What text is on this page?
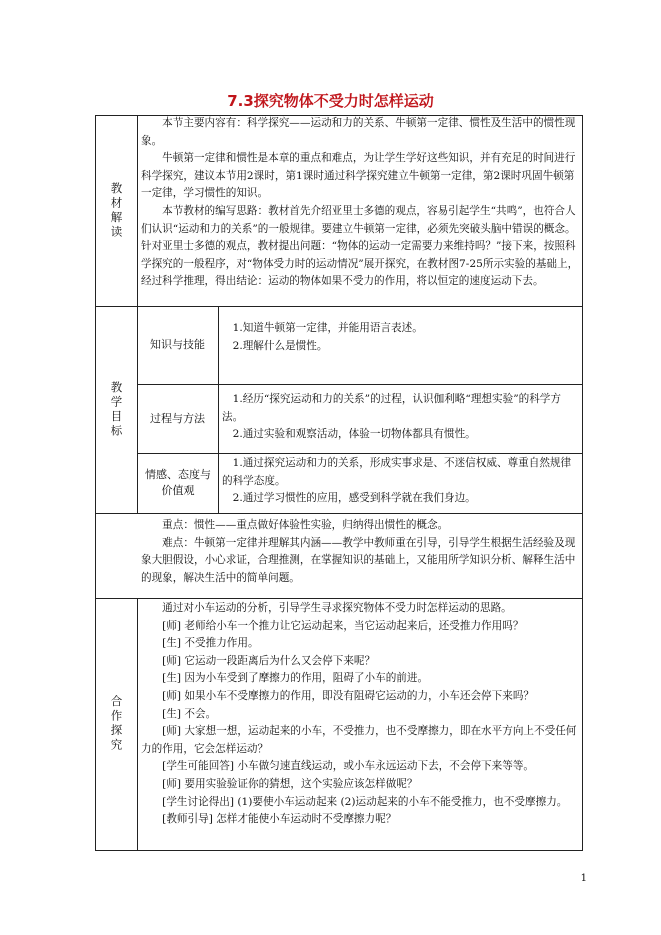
7.3探究物体不受力时怎样运动
教材解读

　　本节主要内容有：科学探究——运动和力的关系、牛顿第一定律、惯性及生活中的惯性现象。

　　牛顿第一定律和惯性是本章的重点和难点，为让学生学好这些知识，并有充足的时间进行科学探究，建议本节用2课时，第1课时通过科学探究建立牛顿第一定律，第2课时巩固牛顿第一定律，学习惯性的知识。

　　本节教材的编写思路：教材首先介绍亚里士多德的观点，容易引起学生“共鸣”，也符合人们认识“运动和力的关系”的一般规律。要建立牛顿第一定律，必须先突破头脑中错误的概念。针对亚里士多德的观点，教材提出问题：“物体的运动一定需要力来维持吗？”接下来，按照科学探究的一般程序，对“物体受力时的运动情况”展开探究，在教材图7-25所示实验的基础上，经过科学推理，得出结论：运动的物体如果不受力的作用，将以恒定的速度运动下去。

教学目标
知识与技能

　1.知道牛顿第一定律，并能用语言表述。

　2.理解什么是惯性。

过程与方法

　1.经历“探究运动和力的关系”的过程，认识伽利略“理想实验”的科学方法。

　2.通过实验和观察活动，体验一切物体都具有惯性。

情感、态度与价值观

　1.通过探究运动和力的关系，形成实事求是、不迷信权威、尊重自然规律的科学态度。

　2.通过学习惯性的应用，感受到科学就在我们身边。

　　重点：惯性——重点做好体验性实验，归纳得出惯性的概念。

　　难点：牛顿第一定律并理解其内涵——教学中教师重在引导，引导学生根据生活经验及现象大胆假设，小心求证，合理推测，在掌握知识的基础上，又能用所学知识分析、解释生活中的现象，解决生活中的简单问题。

合作探究

　　通过对小车运动的分析，引导学生寻求探究物体不受力时怎样运动的思路。

　　[师] 老师给小车一个推力让它运动起来，当它运动起来后，还受推力作用吗？

　　[生] 不受推力作用。

　　[师] 它运动一段距离后为什么又会停下来呢？

　　[生] 因为小车受到了摩擦力的作用，阻碍了小车的前进。

　　[师] 如果小车不受摩擦力的作用，即没有阻碍它运动的力，小车还会停下来吗？

　　[生] 不会。

　　[师] 大家想一想，运动起来的小车，不受推力，也不受摩擦力，即在水平方向上不受任何力的作用，它会怎样运动？

　　[学生可能回答] 小车做匀速直线运动，或小车永远运动下去，不会停下来等等。

　　[师] 要用实验验证你的猜想，这个实验应该怎样做呢？

　　[学生讨论得出] (1)要使小车运动起来 (2)运动起来的小车不能受推力，也不受摩擦力。

　　[教师引导] 怎样才能使小车运动时不受摩擦力呢？

1
